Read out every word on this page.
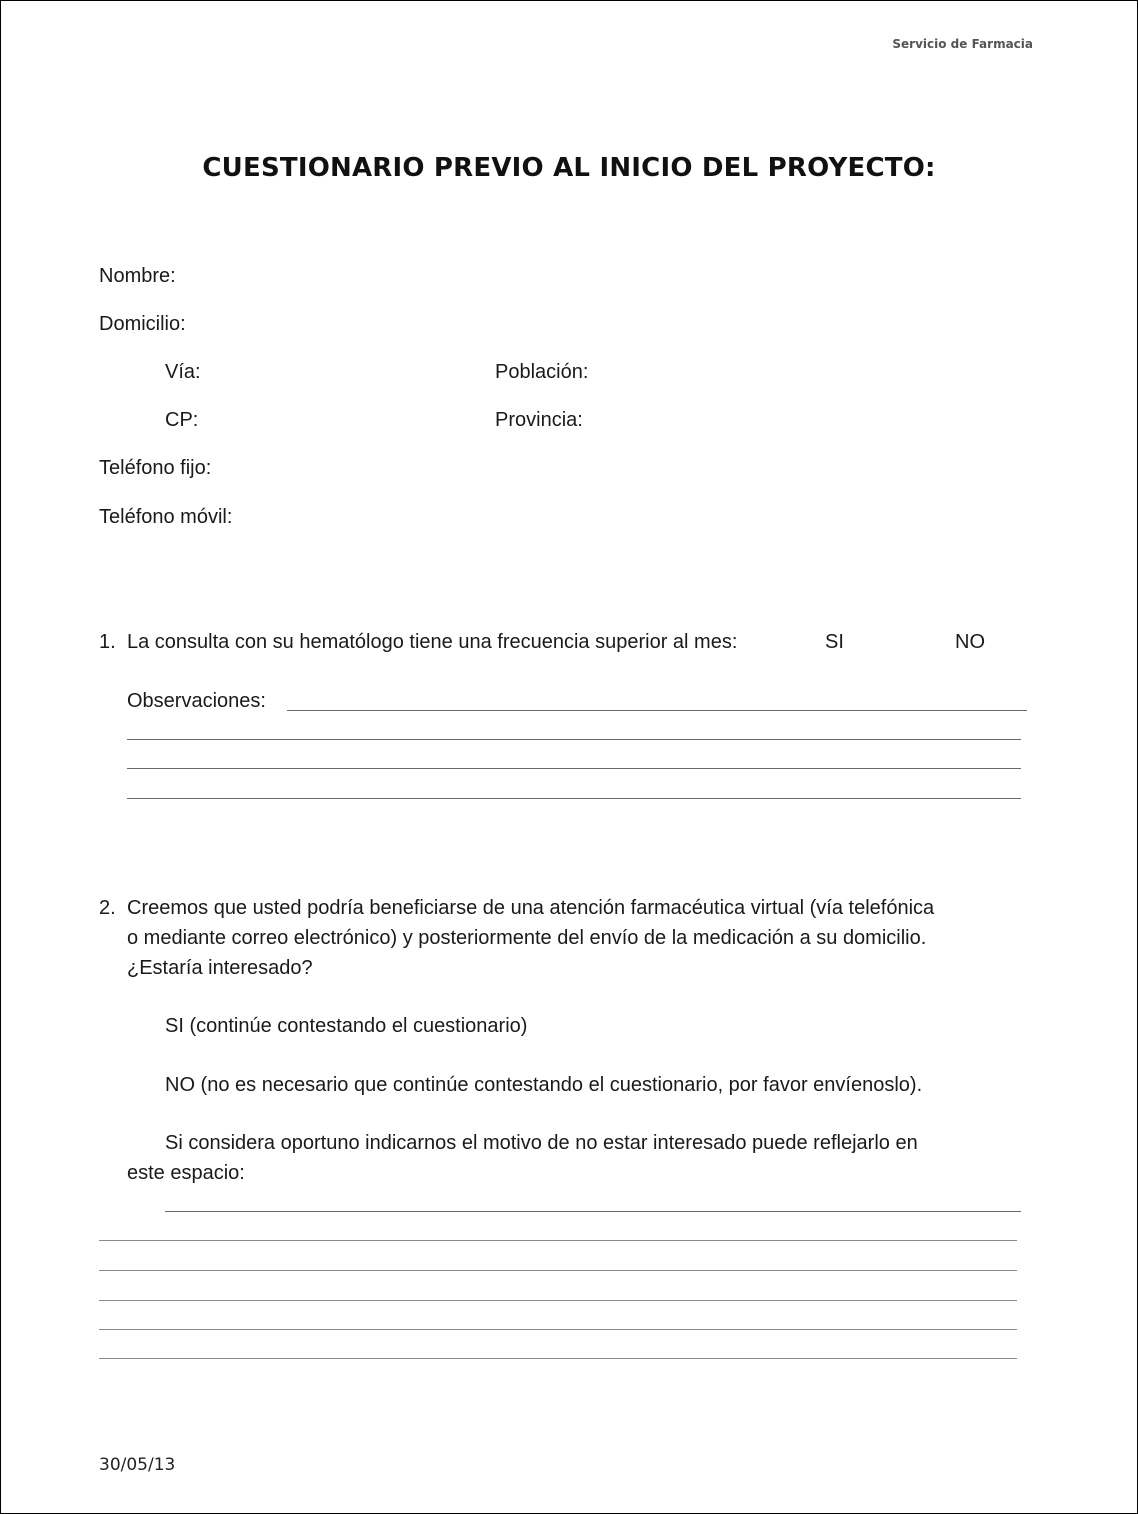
Servicio de Farmacia
CUESTIONARIO PREVIO AL INICIO DEL PROYECTO:
Nombre:
Domicilio:
Vía:	Población:
CP:	Provincia:
Teléfono fijo:
Teléfono móvil:
1. La consulta con su hematólogo tiene una frecuencia superior al mes:	SI	NO
Observaciones:
2. Creemos que usted podría beneficiarse de una atención farmacéutica virtual (vía telefónica
o mediante correo electrónico) y posteriormente del envío de la medicación a su domicilio.
¿Estaría interesado?
SI (continúe contestando el cuestionario)
NO (no es necesario que continúe contestando el cuestionario, por favor envíenoslo).
Si considera oportuno indicarnos el motivo de no estar interesado puede reflejarlo en
este espacio:
30/05/13
